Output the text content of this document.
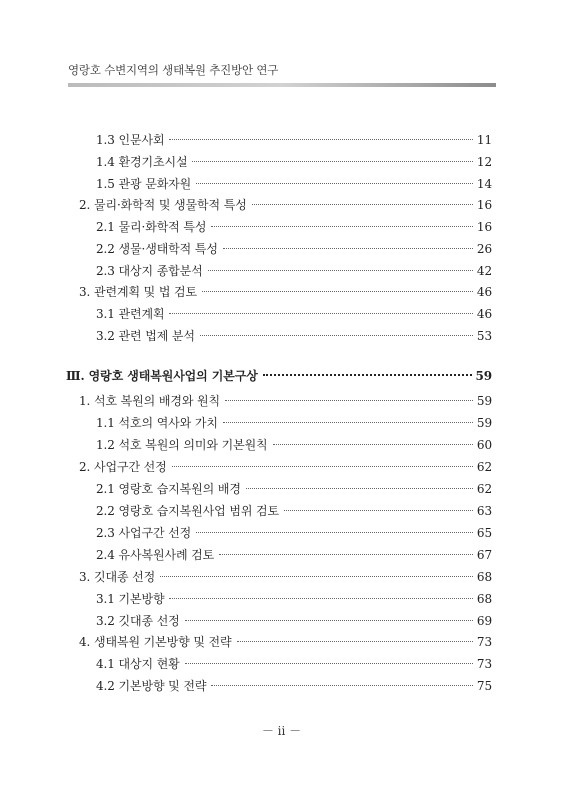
영랑호 수변지역의 생태복원 추진방안 연구
1.3 인문사회	11
1.4 환경기초시설	12
1.5 관광 문화자원	14
2. 물리·화학적 및 생물학적 특성	16
2.1 물리·화학적 특성	16
2.2 생물·생태학적 특성	26
2.3 대상지 종합분석	42
3. 관련계획 및 법 검토	46
3.1 관련계획	46
3.2 관련 법제 분석	53
Ⅲ. 영랑호 생태복원사업의 기본구상	59
1. 석호 복원의 배경와 원칙	59
1.1 석호의 역사와 가치	59
1.2 석호 복원의 의미와 기본원칙	60
2. 사업구간 선정	62
2.1 영랑호 습지복원의 배경	62
2.2 영랑호 습지복원사업 범위 검토	63
2.3 사업구간 선정	65
2.4 유사복원사례 검토	67
3. 깃대종 선정	68
3.1 기본방향	68
3.2 깃대종 선정	69
4. 생태복원 기본방향 및 전략	73
4.1 대상지 현황	73
4.2 기본방향 및 전략	75
－ ii －
